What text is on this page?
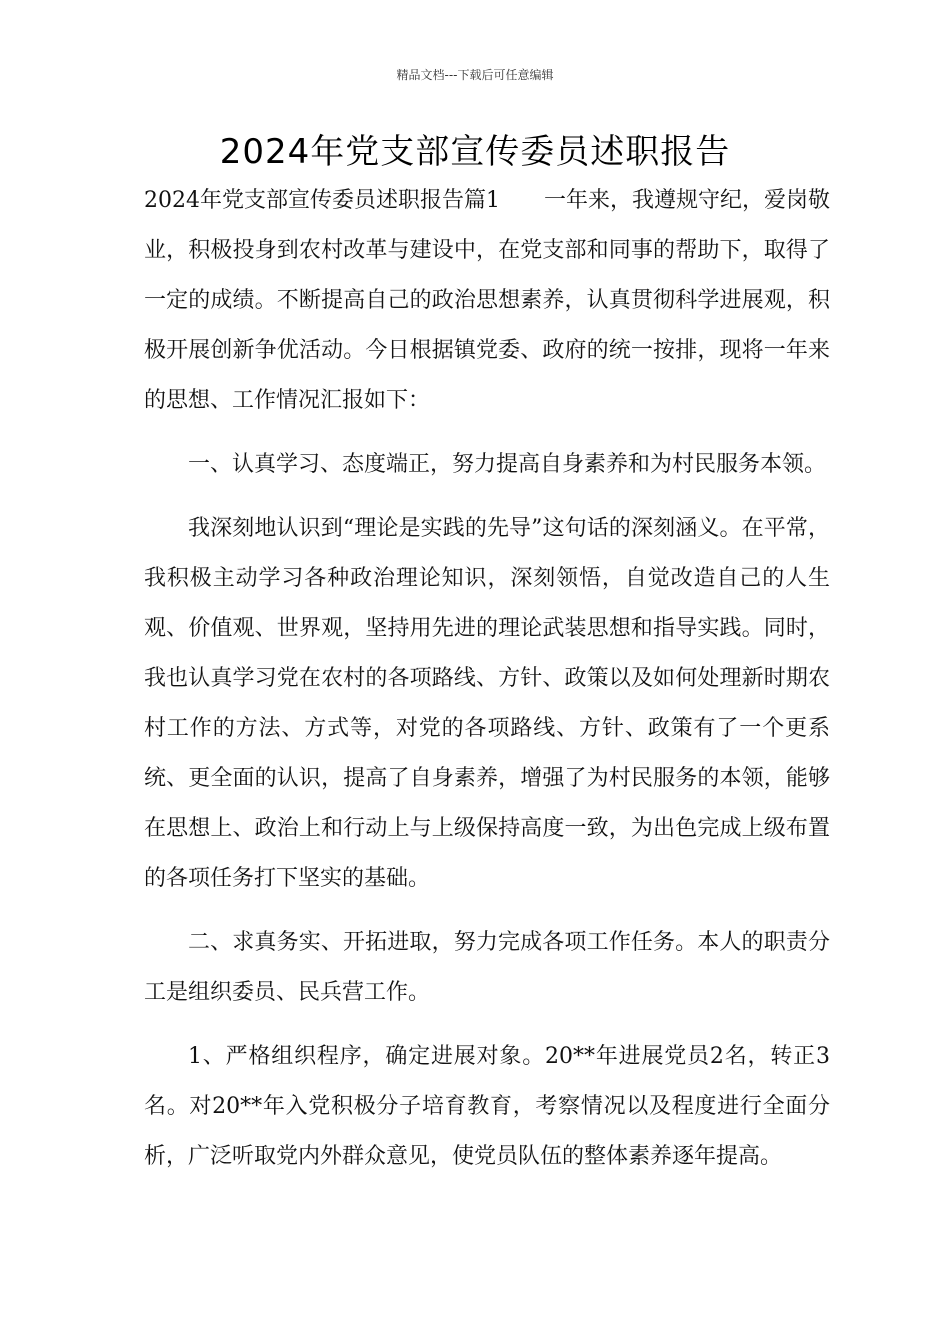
精品文档---下载后可任意编辑
2024年党支部宣传委员述职报告

2024年党支部宣传委员述职报告篇1 一年来，我遵规守纪，爱岗敬业，积极投身到农村改革与建设中，在党支部和同事的帮助下，取得了一定的成绩。不断提高自己的政治思想素养，认真贯彻科学进展观，积极开展创新争优活动。今日根据镇党委、政府的统一按排，现将一年来的思想、工作情况汇报如下：

一、认真学习、态度端正，努力提高自身素养和为村民服务本领。

我深刻地认识到“理论是实践的先导”这句话的深刻涵义。在平常，我积极主动学习各种政治理论知识，深刻领悟，自觉改造自己的人生观、价值观、世界观，坚持用先进的理论武装思想和指导实践。同时，我也认真学习党在农村的各项路线、方针、政策以及如何处理新时期农村工作的方法、方式等，对党的各项路线、方针、政策有了一个更系统、更全面的认识，提高了自身素养，增强了为村民服务的本领，能够在思想上、政治上和行动上与上级保持高度一致，为出色完成上级布置的各项任务打下坚实的基础。

二、求真务实、开拓进取，努力完成各项工作任务。本人的职责分工是组织委员、民兵营工作。

1、严格组织程序，确定进展对象。20**年进展党员2名，转正3名。对20**年入党积极分子培育教育，考察情况以及程度进行全面分析，广泛听取党内外群众意见，使党员队伍的整体素养逐年提高。
